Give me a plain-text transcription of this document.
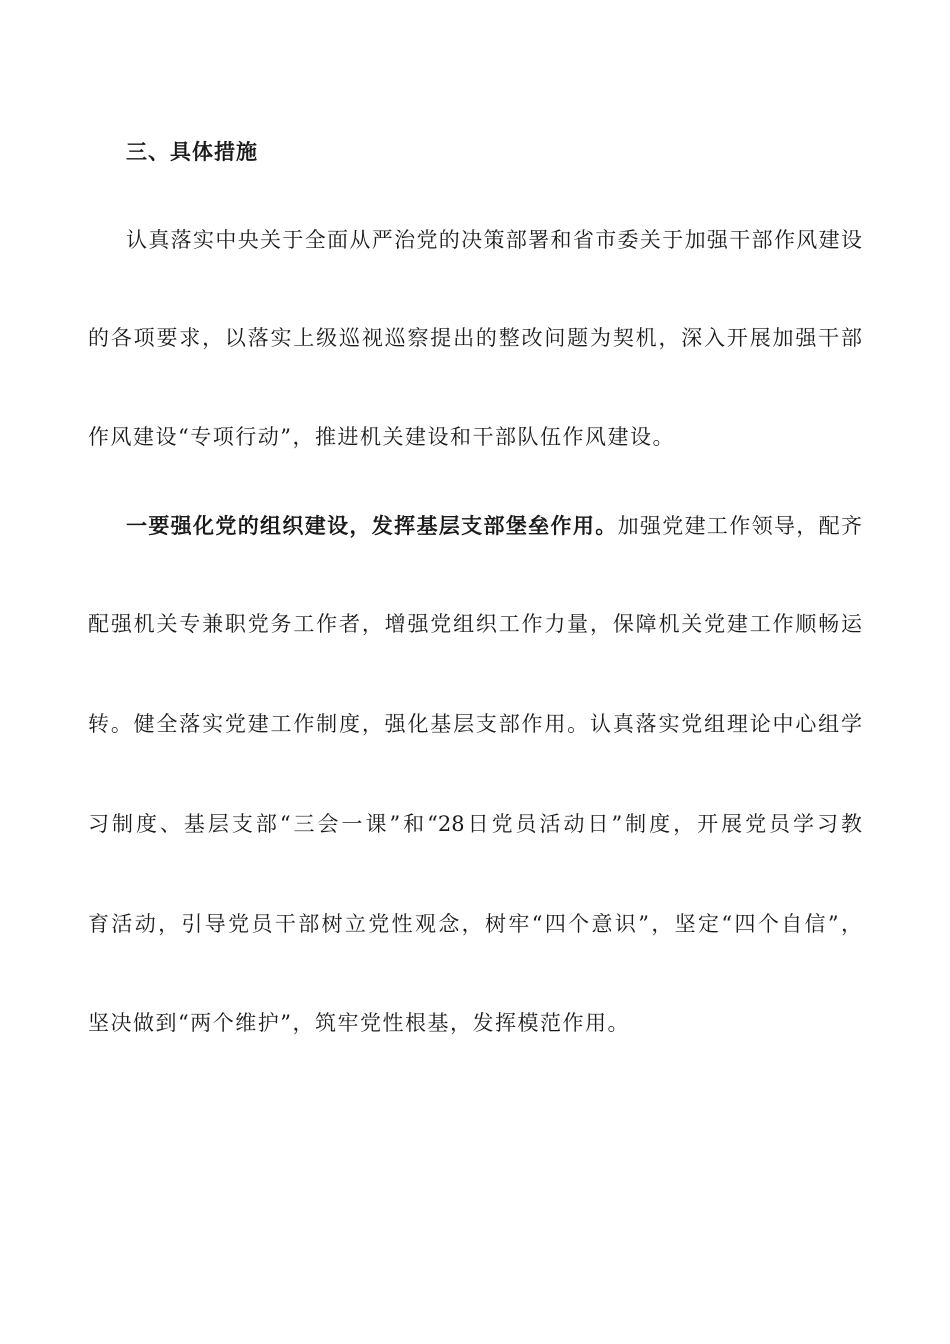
三、具体措施
认真落实中央关于全面从严治党的决策部署和省市委关于加强干部作风建设
的各项要求，以落实上级巡视巡察提出的整改问题为契机，深入开展加强干部
作风建设“专项行动”，推进机关建设和干部队伍作风建设。
一要强化党的组织建设，发挥基层支部堡垒作用。加强党建工作领导，配齐
配强机关专兼职党务工作者，增强党组织工作力量，保障机关党建工作顺畅运
转。健全落实党建工作制度，强化基层支部作用。认真落实党组理论中心组学
习制度、基层支部“三会一课”和“28日党员活动日”制度，开展党员学习教
育活动，引导党员干部树立党性观念，树牢“四个意识”，坚定“四个自信”，
坚决做到“两个维护”，筑牢党性根基，发挥模范作用。
